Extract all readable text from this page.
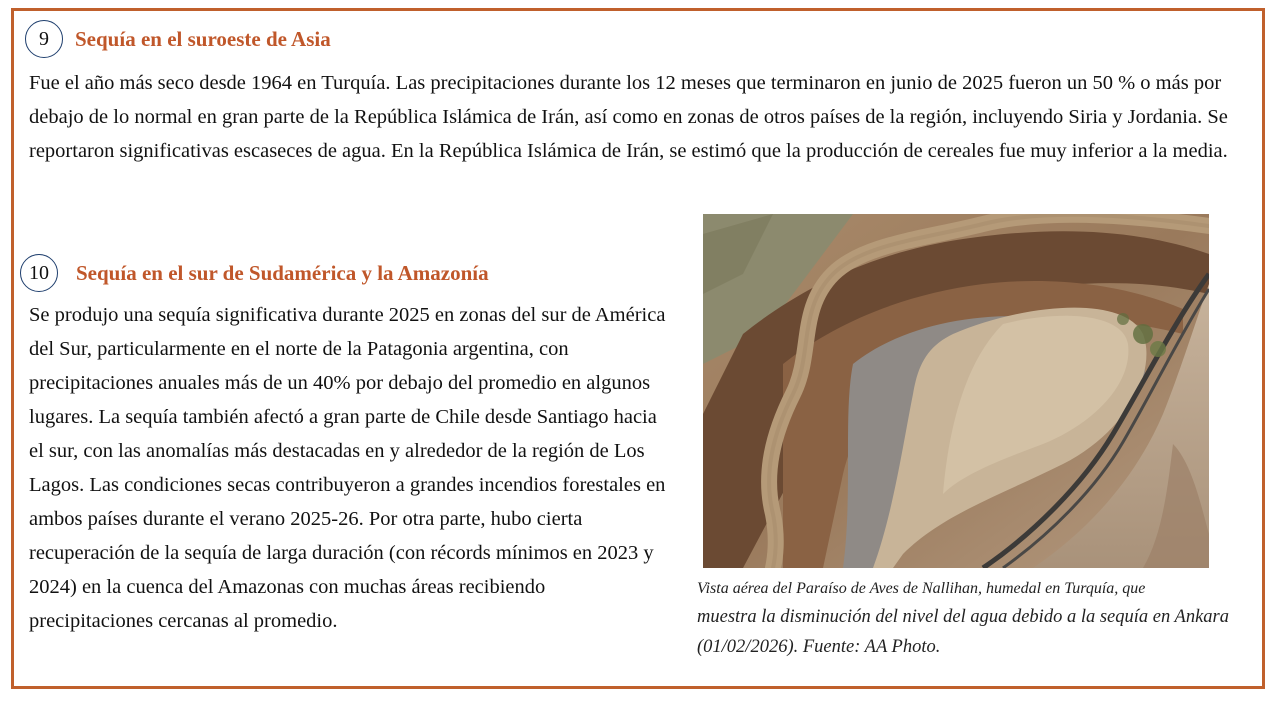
9 Sequía en el suroeste de Asia

Fue el año más seco desde 1964 en Turquía. Las precipitaciones durante los 12 meses que terminaron en junio de 2025 fueron un 50 % o más por debajo de lo normal en gran parte de la República Islámica de Irán, así como en zonas de otros países de la región, incluyendo Siria y Jordania. Se reportaron significativas escaseces de agua. En la República Islámica de Irán, se estimó que la producción de cereales fue muy inferior a la media.

10 Sequía en el sur de Sudamérica y la Amazonía

Se produjo una sequía significativa durante 2025 en zonas del sur de América del Sur, particularmente en el norte de la Patagonia argentina, con precipitaciones anuales más de un 40% por debajo del promedio en algunos lugares. La sequía también afectó a gran parte de Chile desde Santiago hacia el sur, con las anomalías más destacadas en y alrededor de la región de Los Lagos. Las condiciones secas contribuyeron a grandes incendios forestales en ambos países durante el verano 2025-26. Por otra parte, hubo cierta recuperación de la sequía de larga duración (con récords mínimos en 2023 y 2024) en la cuenca del Amazonas con muchas áreas recibiendo precipitaciones cercanas al promedio.

Vista aérea del Paraíso de Aves de Nallihan, humedal en Turquía, que
muestra la disminución del nivel del agua debido a la sequía en Ankara (01/02/2026). Fuente: AA Photo.
